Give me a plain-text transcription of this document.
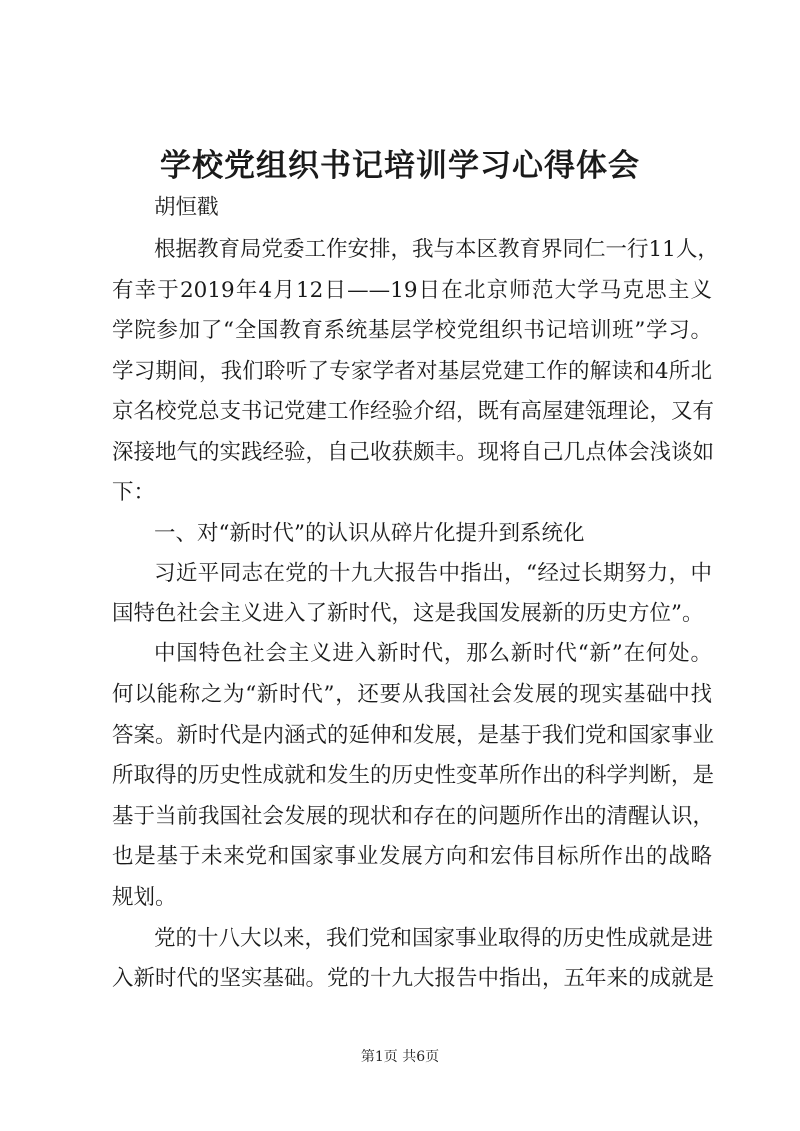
学校党组织书记培训学习心得体会
胡恒戳
根据教育局党委工作安排，我与本区教育界同仁一行11人，
有幸于2019年4月12日——19日在北京师范大学马克思主义
学院参加了“全国教育系统基层学校党组织书记培训班”学习。
学习期间，我们聆听了专家学者对基层党建工作的解读和4所北
京名校党总支书记党建工作经验介绍，既有高屋建瓴理论，又有
深接地气的实践经验，自己收获颇丰。现将自己几点体会浅谈如
下：
一、对“新时代”的认识从碎片化提升到系统化
习近平同志在党的十九大报告中指出，“经过长期努力，中
国特色社会主义进入了新时代，这是我国发展新的历史方位”。
中国特色社会主义进入新时代，那么新时代“新”在何处。
何以能称之为“新时代”，还要从我国社会发展的现实基础中找
答案。新时代是内涵式的延伸和发展，是基于我们党和国家事业
所取得的历史性成就和发生的历史性变革所作出的科学判断，是
基于当前我国社会发展的现状和存在的问题所作出的清醒认识，
也是基于未来党和国家事业发展方向和宏伟目标所作出的战略
规划。
党的十八大以来，我们党和国家事业取得的历史性成就是进
入新时代的坚实基础。党的十九大报告中指出，五年来的成就是
第1页 共6页
